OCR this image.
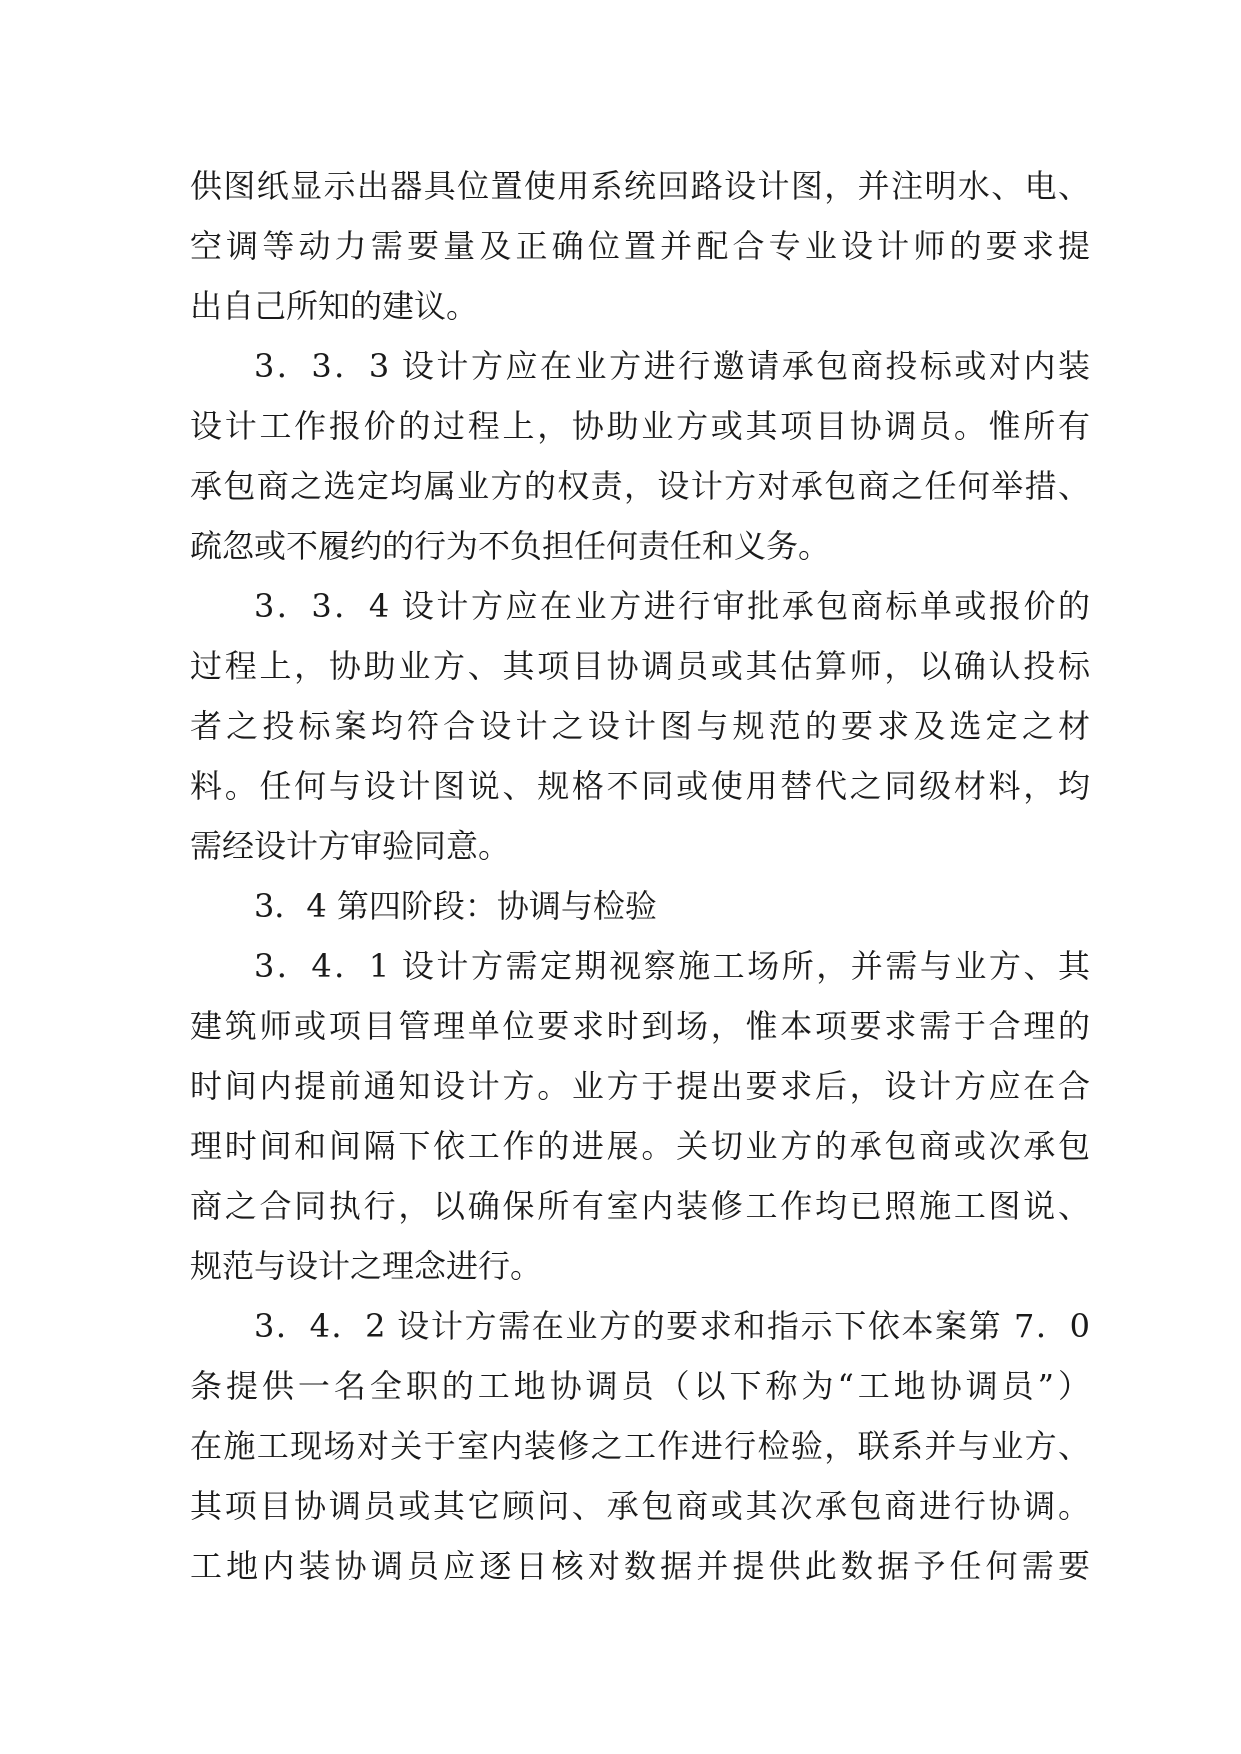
供图纸显示出器具位置使用系统回路设计图，并注明水、电、
空调等动力需要量及正确位置并配合专业设计师的要求提
出自己所知的建议。
3．3．3 设计方应在业方进行邀请承包商投标或对内装
设计工作报价的过程上，协助业方或其项目协调员。惟所有
承包商之选定均属业方的权责，设计方对承包商之任何举措、
疏忽或不履约的行为不负担任何责任和义务。
3．3．4 设计方应在业方进行审批承包商标单或报价的
过程上，协助业方、其项目协调员或其估算师，以确认投标
者之投标案均符合设计之设计图与规范的要求及选定之材
料。任何与设计图说、规格不同或使用替代之同级材料，均
需经设计方审验同意。
3．4 第四阶段：协调与检验
3．4．1 设计方需定期视察施工场所，并需与业方、其
建筑师或项目管理单位要求时到场，惟本项要求需于合理的
时间内提前通知设计方。业方于提出要求后，设计方应在合
理时间和间隔下依工作的进展。关切业方的承包商或次承包
商之合同执行，以确保所有室内装修工作均已照施工图说、
规范与设计之理念进行。
3．4．2 设计方需在业方的要求和指示下依本案第 7．0
条提供一名全职的工地协调员（以下称为“工地协调员”）
在施工现场对关于室内装修之工作进行检验，联系并与业方、
其项目协调员或其它顾问、承包商或其次承包商进行协调。
工地内装协调员应逐日核对数据并提供此数据予任何需要
